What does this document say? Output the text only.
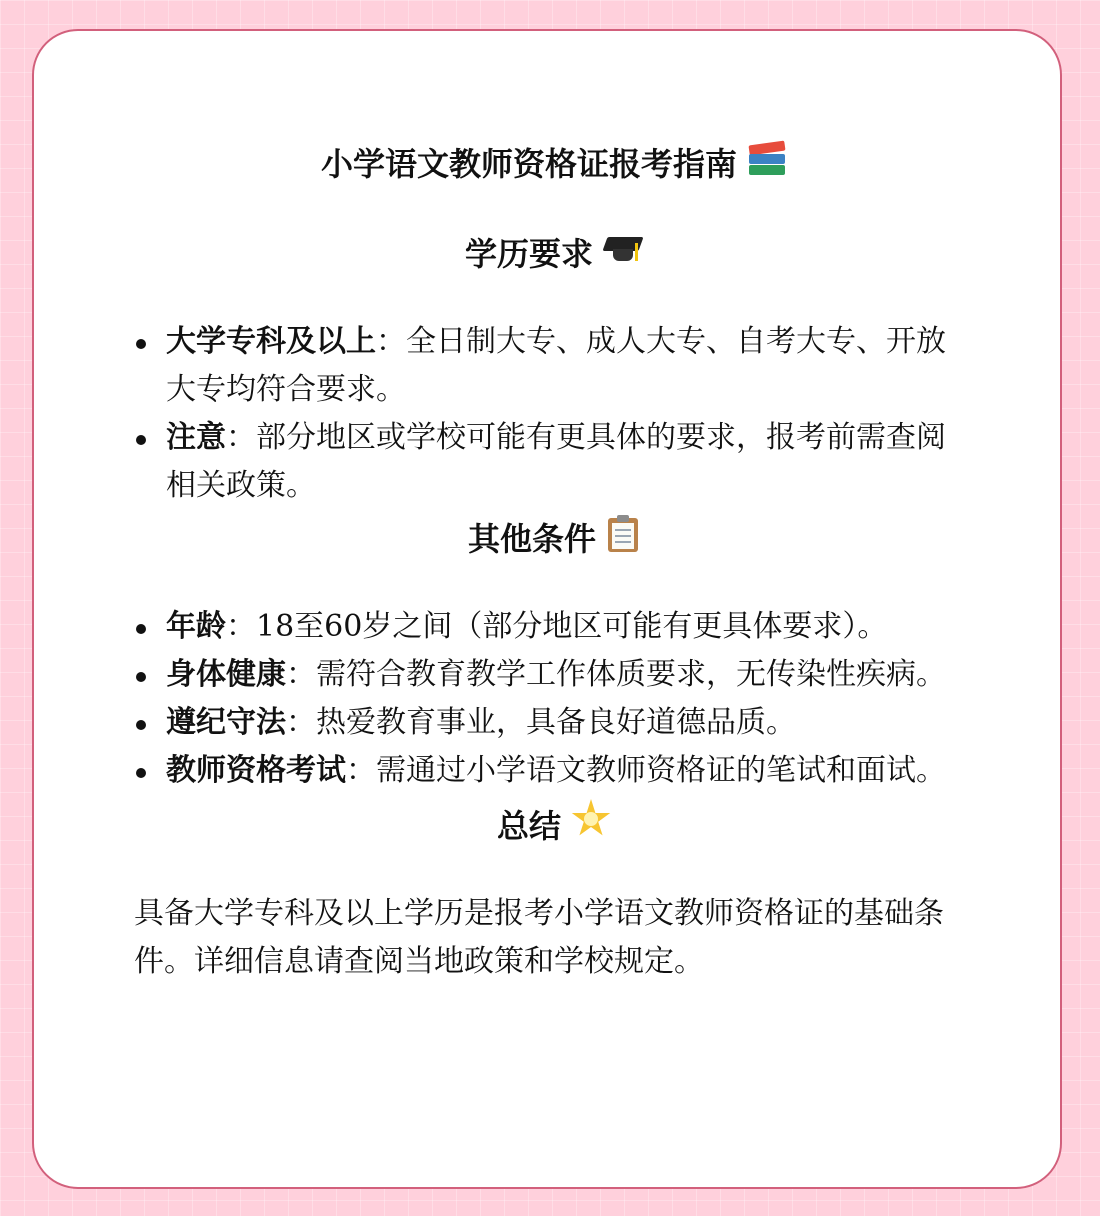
小学语文教师资格证报考指南
学历要求
大学专科及以上：全日制大专、成人大专、自考大专、开放大专均符合要求。
注意：部分地区或学校可能有更具体的要求，报考前需查阅相关政策。
其他条件
年龄：18至60岁之间（部分地区可能有更具体要求）。
身体健康：需符合教育教学工作体质要求，无传染性疾病。
遵纪守法：热爱教育事业，具备良好道德品质。
教师资格考试：需通过小学语文教师资格证的笔试和面试。
总结

具备大学专科及以上学历是报考小学语文教师资格证的基础条件。详细信息请查阅当地政策和学校规定。
